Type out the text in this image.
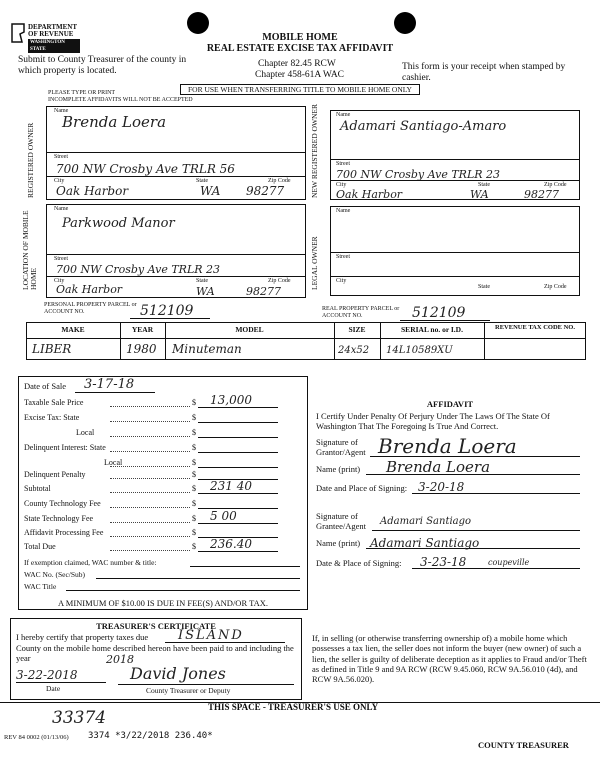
DEPARTMENT
OF REVENUE
WASHINGTON STATE
MOBILE HOME
REAL ESTATE EXCISE TAX AFFIDAVIT
Submit to County Treasurer of the county in which property is located.
Chapter 82.45 RCW
Chapter 458-61A WAC
This form is your receipt when stamped by cashier.
FOR USE WHEN TRANSFERRING TITLE TO MOBILE HOME ONLY
PLEASE TYPE OR PRINT
INCOMPLETE AFFIDAVITS WILL NOT BE ACCEPTED
REGISTERED OWNER
Name
Brenda Loera
Street
700 NW Crosby Ave TRLR 56
City	State	Zip Code
Oak Harbor	WA 98277	NEW REGISTERED OWNER	Name
Adamari Santiago-Amaro
Street
700 NW Crosby Ave TRLR 23
City	State	Zip Code
Oak Harbor	WA	98277
LOCATION OF MOBILE HOME
Name
Parkwood Manor
Street
700 NW Crosby Ave TRLR 23
City	State	Zip Code
Oak Harbor	WA	98277
LEGAL OWNER
Name
Street
City
State	Zip Code
PERSONAL PROPERTY PARCEL or ACCOUNT NO.	512109	REAL PROPERTY PARCEL or ACCOUNT NO.	512109
MAKE	YEAR	MODEL	SIZE	SERIAL no. or I.D.	REVENUE TAX CODE NO.
LIBER	1980 Minuteman	24x52 14L10589XU
Date of Sale 3-17-18
Taxable Sale Price	$ 13,000
Excise Tax: State	$
Local	$
Delinquent Interest: State	$
Local	$
Delinquent Penalty	$
Subtotal	$ 231 40
County Technology Fee	$
State Technology Fee	$ 5 00
Affidavit Processing Fee	$
Total Due	$ 236.40
If exemption claimed, WAC number & title:
WAC No. (Sec/Sub)
WAC Title
A MINIMUM OF $10.00 IS DUE IN FEE(S) AND/OR TAX.
AFFIDAVIT
I Certify Under Penalty Of Perjury Under The Laws Of The State Of Washington That The Foregoing Is True And Correct.
Signature of Grantor/Agent Brenda Loera
Name (print) Brenda Loera
Date and Place of Signing: 3-20-18
Signature of Grantee/Agent	Adamari Santiago
Name (print) Adamari Santiago
Date & Place of Signing: 3-23-18	coupeville
TREASURER'S CERTIFICATE
I hereby certify that property taxes due ISLAND
County on the mobile home described hereon have been paid to and including the year	2018
3-22-2018
Date
David Jones
County Treasurer or Deputy
If, in selling (or otherwise transferring ownership of) a mobile home which possesses a tax lien, the seller does not inform the buyer (new owner) of such a lien, the seller is guilty of deliberate deception as it applies to Fraud and/or Theft as defined in Title 9 and 9A RCW (RCW 9.45.060, RCW 9A.56.010 (4d), and RCW 9A.56.020).
THIS SPACE - TREASURER'S USE ONLY
33374
REV 84 0002 (01/13/06) 3374 *3/22/2018 236.40*
COUNTY TREASURER
